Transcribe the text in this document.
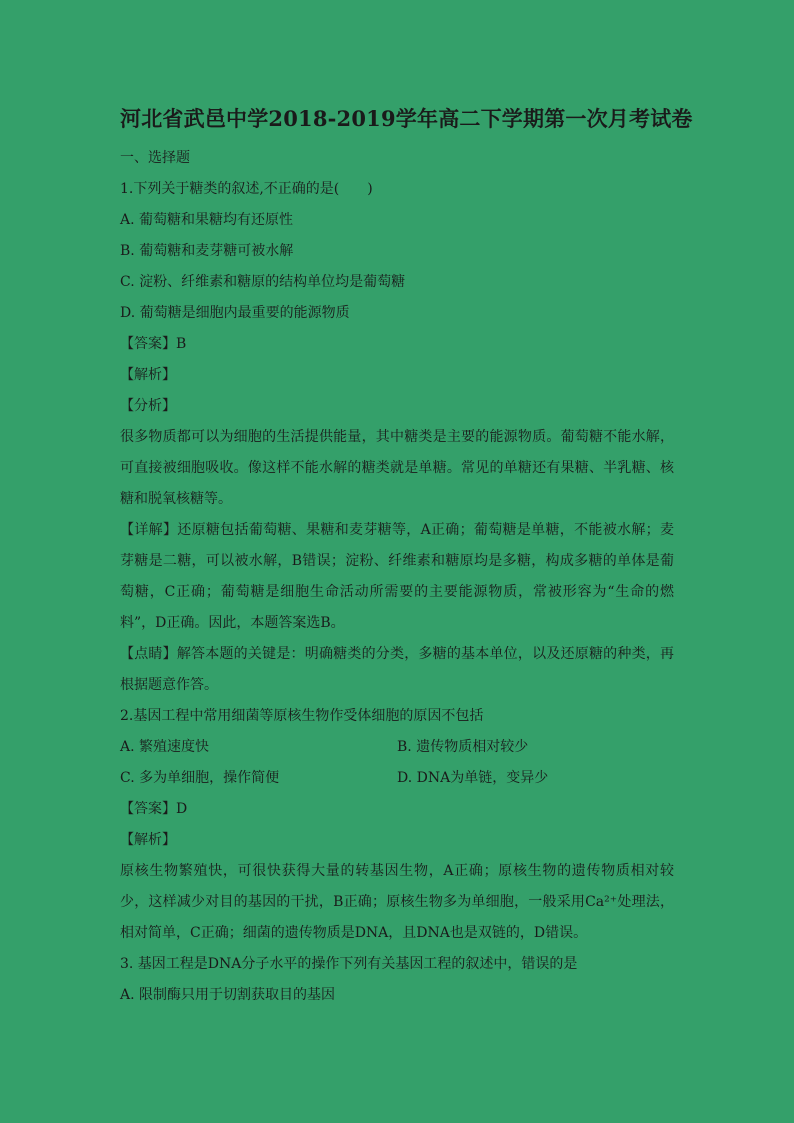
河北省武邑中学2018-2019学年高二下学期第一次月考试卷

一、选择题

1.下列关于糖类的叙述,不正确的是(　　)

A. 葡萄糖和果糖均有还原性

B. 葡萄糖和麦芽糖可被水解

C. 淀粉、纤维素和糖原的结构单位均是葡萄糖

D. 葡萄糖是细胞内最重要的能源物质

【答案】B

【解析】

【分析】

很多物质都可以为细胞的生活提供能量，其中糖类是主要的能源物质。葡萄糖不能水解，可直接被细胞吸收。像这样不能水解的糖类就是单糖。常见的单糖还有果糖、半乳糖、核糖和脱氧核糖等。

【详解】还原糖包括葡萄糖、果糖和麦芽糖等，A正确；葡萄糖是单糖，不能被水解；麦芽糖是二糖，可以被水解，B错误；淀粉、纤维素和糖原均是多糖，构成多糖的单体是葡萄糖，C正确；葡萄糖是细胞生命活动所需要的主要能源物质，常被形容为“生命的燃料”，D正确。因此，本题答案选B。

【点睛】解答本题的关键是：明确糖类的分类，多糖的基本单位，以及还原糖的种类，再根据题意作答。

2.基因工程中常用细菌等原核生物作受体细胞的原因不包括

A. 繁殖速度快	B. 遗传物质相对较少
C. 多为单细胞，操作简便	D. DNA为单链，变异少

【答案】D

【解析】

原核生物繁殖快，可很快获得大量的转基因生物，A正确；原核生物的遗传物质相对较少，这样减少对目的基因的干扰，B正确；原核生物多为单细胞，一般采用Ca²⁺处理法，相对简单，C正确；细菌的遗传物质是DNA，且DNA也是双链的，D错误。

3. 基因工程是DNA分子水平的操作下列有关基因工程的叙述中，错误的是

A. 限制酶只用于切割获取目的基因
